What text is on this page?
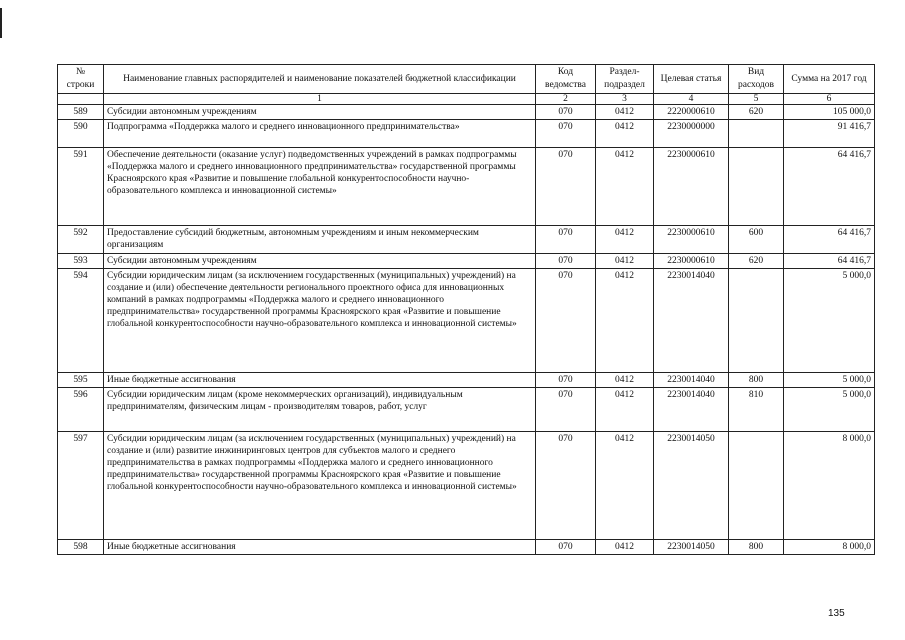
№ строки	Наименование главных распорядителей и наименование показателей бюджетной классификации	Код ведомства	Раздел-подраздел	Целевая статья	Вид расходов	Сумма на 2017 год
	1	2	3	4	5	6
589	Субсидии автономным учреждениям	070	0412	2220000610	620	105 000,0
590	Подпрограмма «Поддержка малого и среднего инновационного предпринимательства»	070	0412	2230000000		91 416,7
591	Обеспечение деятельности (оказание услуг) подведомственных учреждений в рамках подпрограммы «Поддержка малого и среднего инновационного предпринимательства» государственной программы Красноярского края «Развитие и повышение глобальной конкурентоспособности научно-образовательного комплекса и инновационной системы»	070	0412	2230000610		64 416,7
592	Предоставление субсидий бюджетным, автономным учреждениям и иным некоммерческим организациям	070	0412	2230000610	600	64 416,7
593	Субсидии автономным учреждениям	070	0412	2230000610	620	64 416,7
594	Субсидии юридическим лицам (за исключением государственных (муниципальных) учреждений) на создание и (или) обеспечение деятельности регионального проектного офиса для инновационных компаний в рамках подпрограммы «Поддержка малого и среднего инновационного предпринимательства» государственной программы Красноярского края «Развитие и повышение глобальной конкурентоспособности научно-образовательного комплекса и инновационной системы»	070	0412	2230014040		5 000,0
595	Иные бюджетные ассигнования	070	0412	2230014040	800	5 000,0
596	Субсидии юридическим лицам (кроме некоммерческих организаций), индивидуальным предпринимателям, физическим лицам - производителям товаров, работ, услуг	070	0412	2230014040	810	5 000,0
597	Субсидии юридическим лицам (за исключением государственных (муниципальных) учреждений) на создание и (или) развитие инжиниринговых центров для субъектов малого и среднего предпринимательства в рамках подпрограммы «Поддержка малого и среднего инновационного предпринимательства» государственной программы Красноярского края «Развитие и повышение глобальной конкурентоспособности научно-образовательного комплекса и инновационной системы»	070	0412	2230014050		8 000,0
598	Иные бюджетные ассигнования	070	0412	2230014050	800	8 000,0
135
